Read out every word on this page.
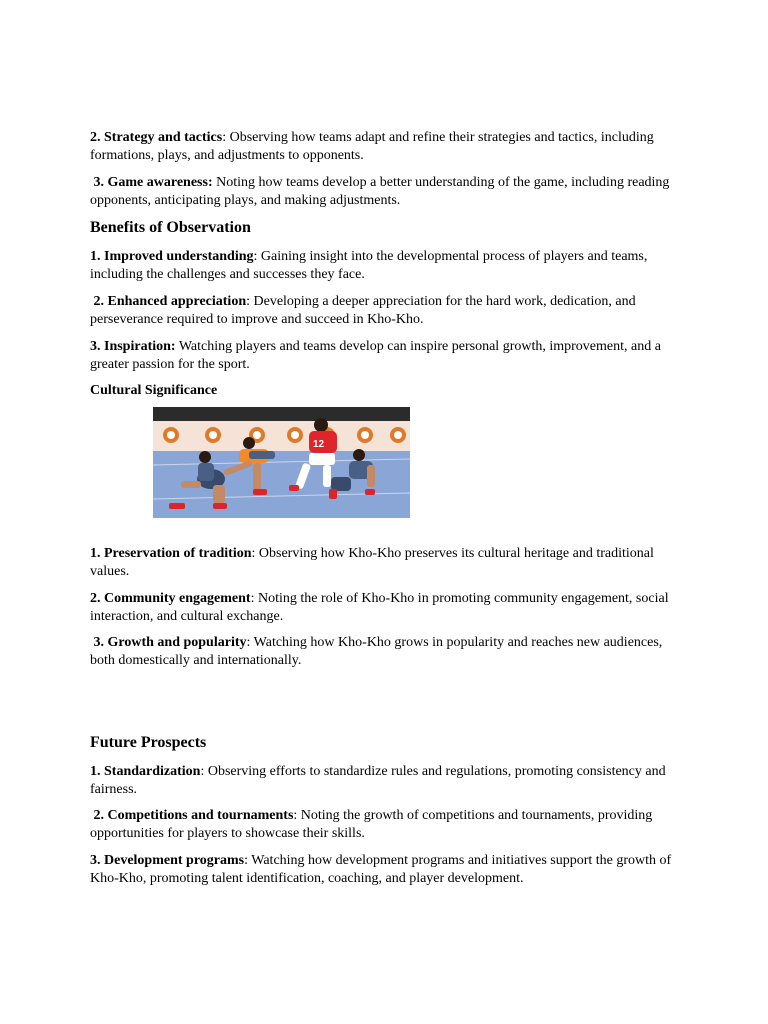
2. Strategy and tactics: Observing how teams adapt and refine their strategies and tactics, including formations, plays, and adjustments to opponents.

3. Game awareness: Noting how teams develop a better understanding of the game, including reading opponents, anticipating plays, and making adjustments.

Benefits of Observation

1. Improved understanding: Gaining insight into the developmental process of players and teams, including the challenges and successes they face.

2. Enhanced appreciation: Developing a deeper appreciation for the hard work, dedication, and perseverance required to improve and succeed in Kho-Kho.

3. Inspiration: Watching players and teams develop can inspire personal growth, improvement, and a greater passion for the sport.

Cultural Significance
12

1. Preservation of tradition: Observing how Kho-Kho preserves its cultural heritage and traditional values.

2. Community engagement: Noting the role of Kho-Kho in promoting community engagement, social interaction, and cultural exchange.

3. Growth and popularity: Watching how Kho-Kho grows in popularity and reaches new audiences, both domestically and internationally.

Future Prospects

1. Standardization: Observing efforts to standardize rules and regulations, promoting consistency and fairness.

2. Competitions and tournaments: Noting the growth of competitions and tournaments, providing opportunities for players to showcase their skills.

3. Development programs: Watching how development programs and initiatives support the growth of Kho-Kho, promoting talent identification, coaching, and player development.
